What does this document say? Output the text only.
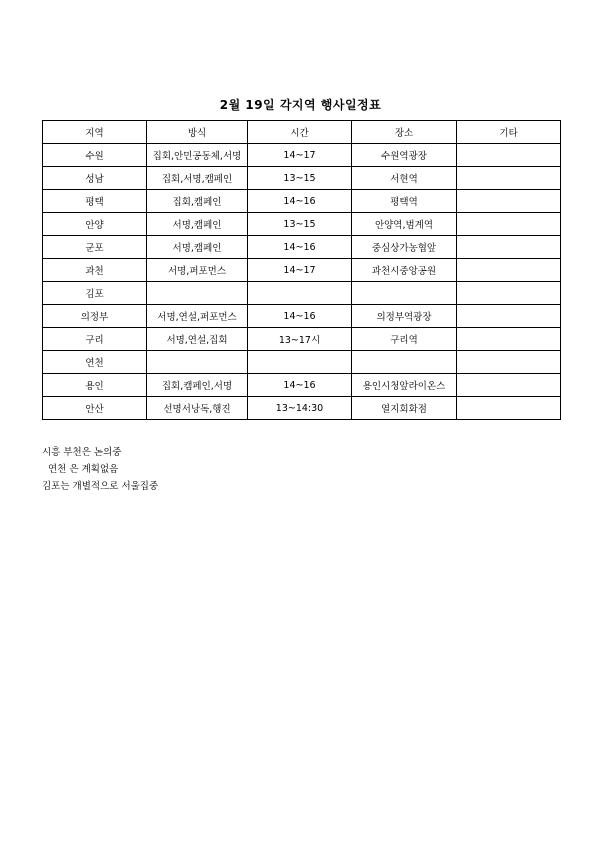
2월 19일 각지역 행사일정표
지역	방식	시간	장소	기타
수원	집회,안민공동체,서명	14~17	수원역광장	
성남	집회,서명,캠페인	13~15	서현역	
평택	집회,캠페인	14~16	평택역	
안양	서명,캠페인	13~15	안양역,범계역	
군포	서명,캠페인	14~16	중심상가농협앞	
과천	서명,퍼포먼스	14~17	과천시중앙공원	
김포				
의정부	서명,연설,퍼포먼스	14~16	의정부역광장	
구리	서명,연설,집회	13~17시	구리역	
연천				
용인	집회,캠페인,서명	14~16	용인시청앞라이온스	
안산	선명서낭독,행진	13~14:30	열지회화점	
시흥 부천은 논의중
연천 은 계획없음
김포는 개별적으로 서울집중
